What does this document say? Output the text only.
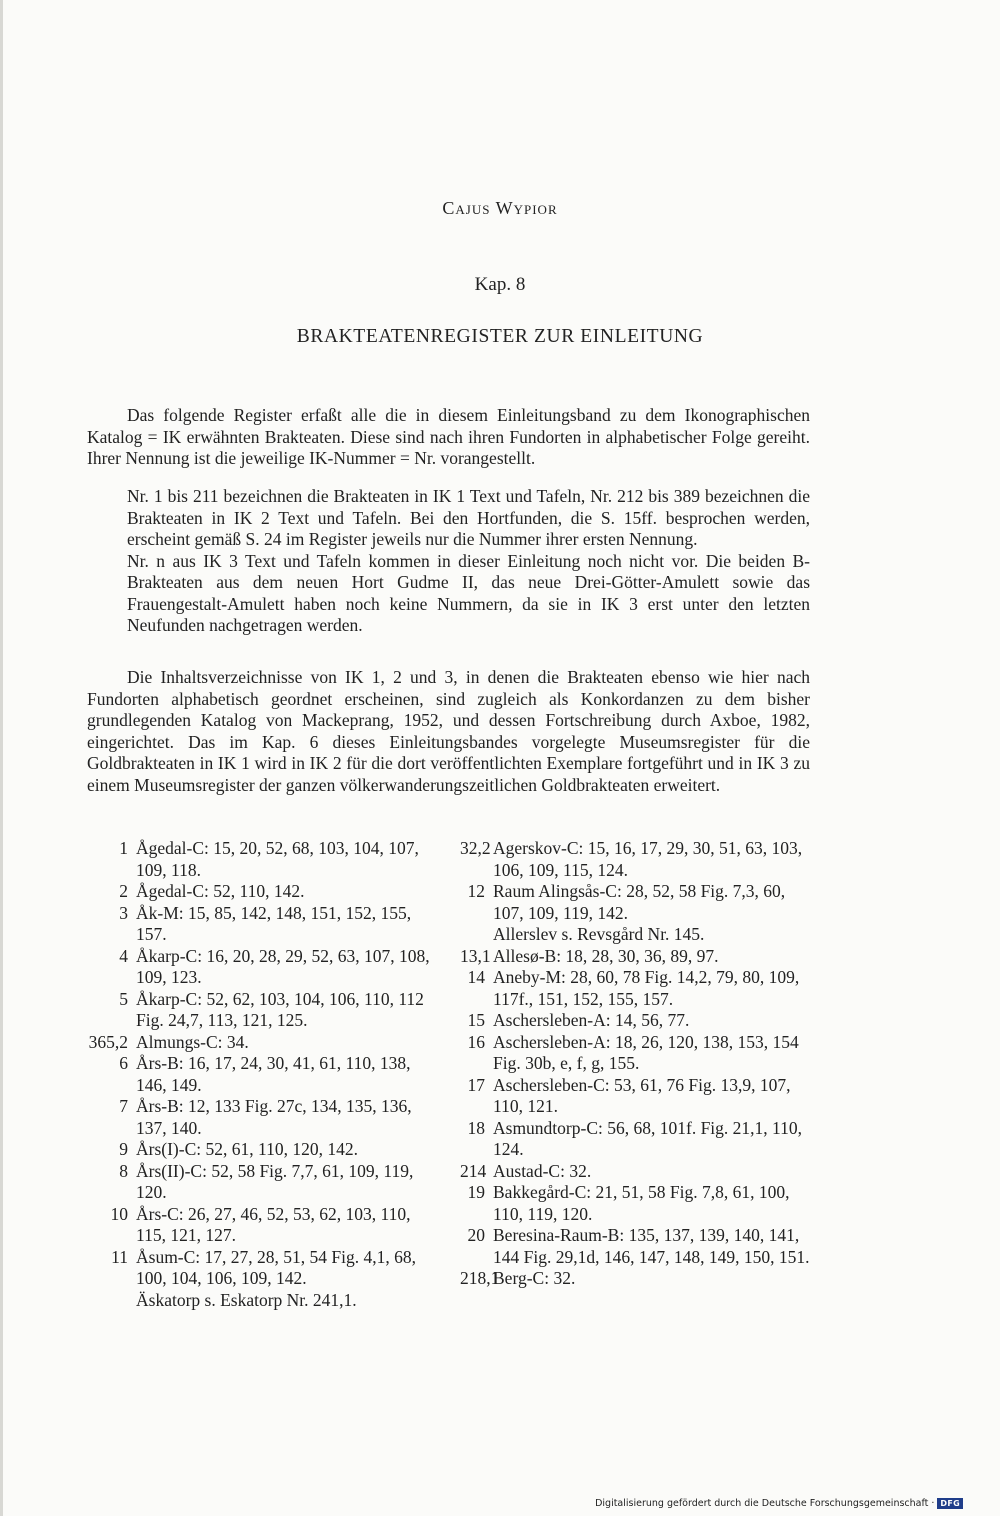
Cajus Wypior
Kap. 8
BRAKTEATENREGISTER ZUR EINLEITUNG

Das folgende Register erfaßt alle die in diesem Einleitungsband zu dem Ikonographischen Katalog = IK erwähnten Brakteaten. Diese sind nach ihren Fundorten in alphabetischer Folge gereiht. Ihrer Nennung ist die jeweilige IK-Nummer = Nr. vorangestellt.

Nr. 1 bis 211 bezeichnen die Brakteaten in IK 1 Text und Tafeln, Nr. 212 bis 389 bezeichnen die Brakteaten in IK 2 Text und Tafeln. Bei den Hortfunden, die S. 15ff. besprochen werden, erscheint gemäß S. 24 im Register jeweils nur die Nummer ihrer ersten Nennung.

Nr. n aus IK 3 Text und Tafeln kommen in dieser Einleitung noch nicht vor. Die beiden B-Brakteaten aus dem neuen Hort Gudme II, das neue Drei-Götter-Amulett sowie das Frauengestalt-Amulett haben noch keine Nummern, da sie in IK 3 erst unter den letzten Neufunden nachgetragen werden.

Die Inhaltsverzeichnisse von IK 1, 2 und 3, in denen die Brakteaten ebenso wie hier nach Fundorten alphabetisch geordnet erscheinen, sind zugleich als Konkordanzen zu dem bisher grundlegenden Katalog von Mackeprang, 1952, und dessen Fortschreibung durch Axboe, 1982, eingerichtet. Das im Kap. 6 dieses Einleitungsbandes vorgelegte Museumsregister für die Goldbrakteaten in IK 1 wird in IK 2 für die dort veröffentlichten Exemplare fortgeführt und in IK 3 zu einem Museumsregister der ganzen völkerwanderungszeitlichen Goldbrakteaten erweitert.

1 Ågedal-C: 15, 20, 52, 68, 103, 104, 107, 109, 118.
2 Ågedal-C: 52, 110, 142.
3 Åk-M: 15, 85, 142, 148, 151, 152, 155, 157.
4 Åkarp-C: 16, 20, 28, 29, 52, 63, 107, 108, 109, 123.
5 Åkarp-C: 52, 62, 103, 104, 106, 110, 112 Fig. 24,7, 113, 121, 125.
365,2 Almungs-C: 34.
6 Års-B: 16, 17, 24, 30, 41, 61, 110, 138, 146, 149.
7 Års-B: 12, 133 Fig. 27c, 134, 135, 136, 137, 140.
9 Års(I)-C: 52, 61, 110, 120, 142.
8 Års(II)-C: 52, 58 Fig. 7,7, 61, 109, 119, 120.
10 Års-C: 26, 27, 46, 52, 53, 62, 103, 110, 115, 121, 127.
11 Åsum-C: 17, 27, 28, 51, 54 Fig. 4,1, 68, 100, 104, 106, 109, 142.
Äskatorp s. Eskatorp Nr. 241,1.
32,2 Agerskov-C: 15, 16, 17, 29, 30, 51, 63, 103, 106, 109, 115, 124.
12 Raum Alingsås-C: 28, 52, 58 Fig. 7,3, 60, 107, 109, 119, 142.
Allerslev s. Revsgård Nr. 145.
13,1 Allesø-B: 18, 28, 30, 36, 89, 97.
14 Aneby-M: 28, 60, 78 Fig. 14,2, 79, 80, 109, 117f., 151, 152, 155, 157.
15 Aschersleben-A: 14, 56, 77.
16 Aschersleben-A: 18, 26, 120, 138, 153, 154 Fig. 30b, e, f, g, 155.
17 Aschersleben-C: 53, 61, 76 Fig. 13,9, 107, 110, 121.
18 Asmundtorp-C: 56, 68, 101f. Fig. 21,1, 110, 124.
214 Austad-C: 32.
19 Bakkegård-C: 21, 51, 58 Fig. 7,8, 61, 100, 110, 119, 120.
20 Beresina-Raum-B: 135, 137, 139, 140, 141, 144 Fig. 29,1d, 146, 147, 148, 149, 150, 151.
218,1
Berg-C: 32.
Digitalisierung gefördert durch die Deutsche Forschungsgemeinschaft · DFG
